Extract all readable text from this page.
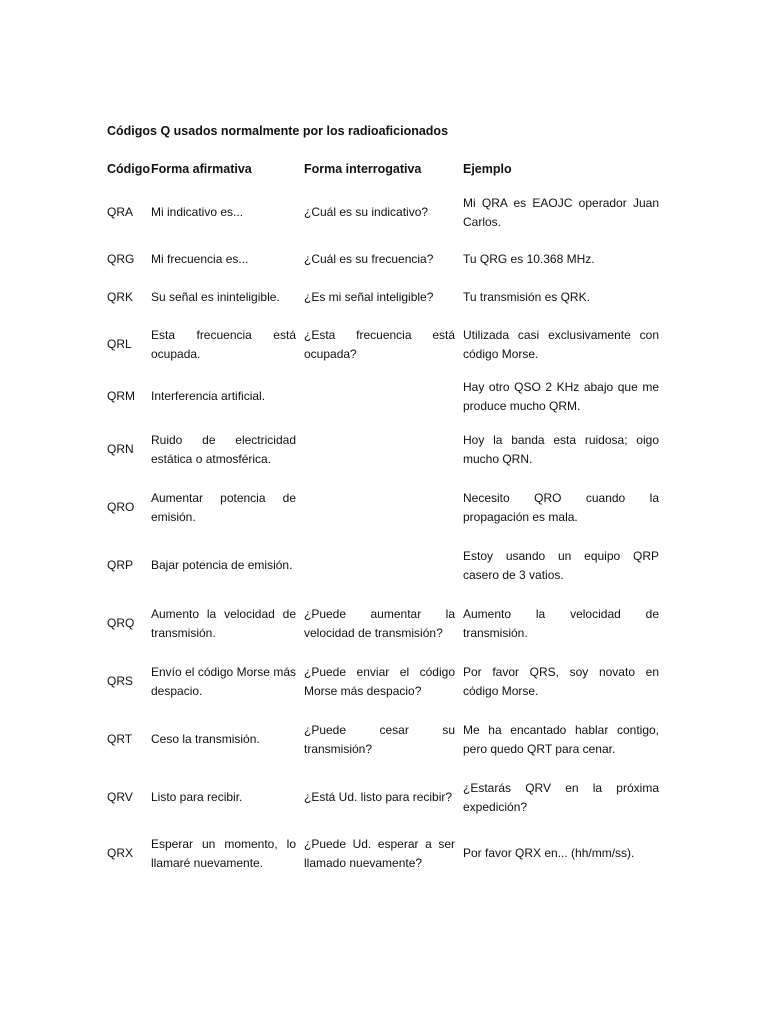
Códigos Q usados normalmente por los radioaficionados
Código	Forma afirmativa	Forma interrogativa	Ejemplo
QRA	Mi indicativo es...	¿Cuál es su indicativo?	Mi QRA es EAOJC operador Juan Carlos.
QRG	Mi frecuencia es...	¿Cuál es su frecuencia?	Tu QRG es 10.368 MHz.
QRK	Su señal es ininteligible.	¿Es mi señal inteligible?	Tu transmisión es QRK.
QRL	Esta frecuencia está ocupada.	¿Esta frecuencia está ocupada?	Utilizada casi exclusivamente con código Morse.
QRM	Interferencia artificial.		Hay otro QSO 2 KHz abajo que me produce mucho QRM.
QRN	Ruido de electricidad estática o atmosférica.		Hoy la banda esta ruidosa; oigo mucho QRN.
QRO	Aumentar potencia de emisión.		Necesito QRO cuando la propagación es mala.
QRP	Bajar potencia de emisión.		Estoy usando un equipo QRP casero de 3 vatios.
QRQ	Aumento la velocidad de transmisión.	¿Puede aumentar la velocidad de transmisión?	Aumento la velocidad de transmisión.
QRS	Envío el código Morse más despacio.	¿Puede enviar el código Morse más despacio?	Por favor QRS, soy novato en código Morse.
QRT	Ceso la transmisión.	¿Puede cesar su transmisión?	Me ha encantado hablar contigo, pero quedo QRT para cenar.
QRV	Listo para recibir.	¿Está Ud. listo para recibir?	¿Estarás QRV en la próxima expedición?
QRX	Esperar un momento, lo llamaré nuevamente.	¿Puede Ud. esperar a ser llamado nuevamente?	Por favor QRX en... (hh/mm/ss).
